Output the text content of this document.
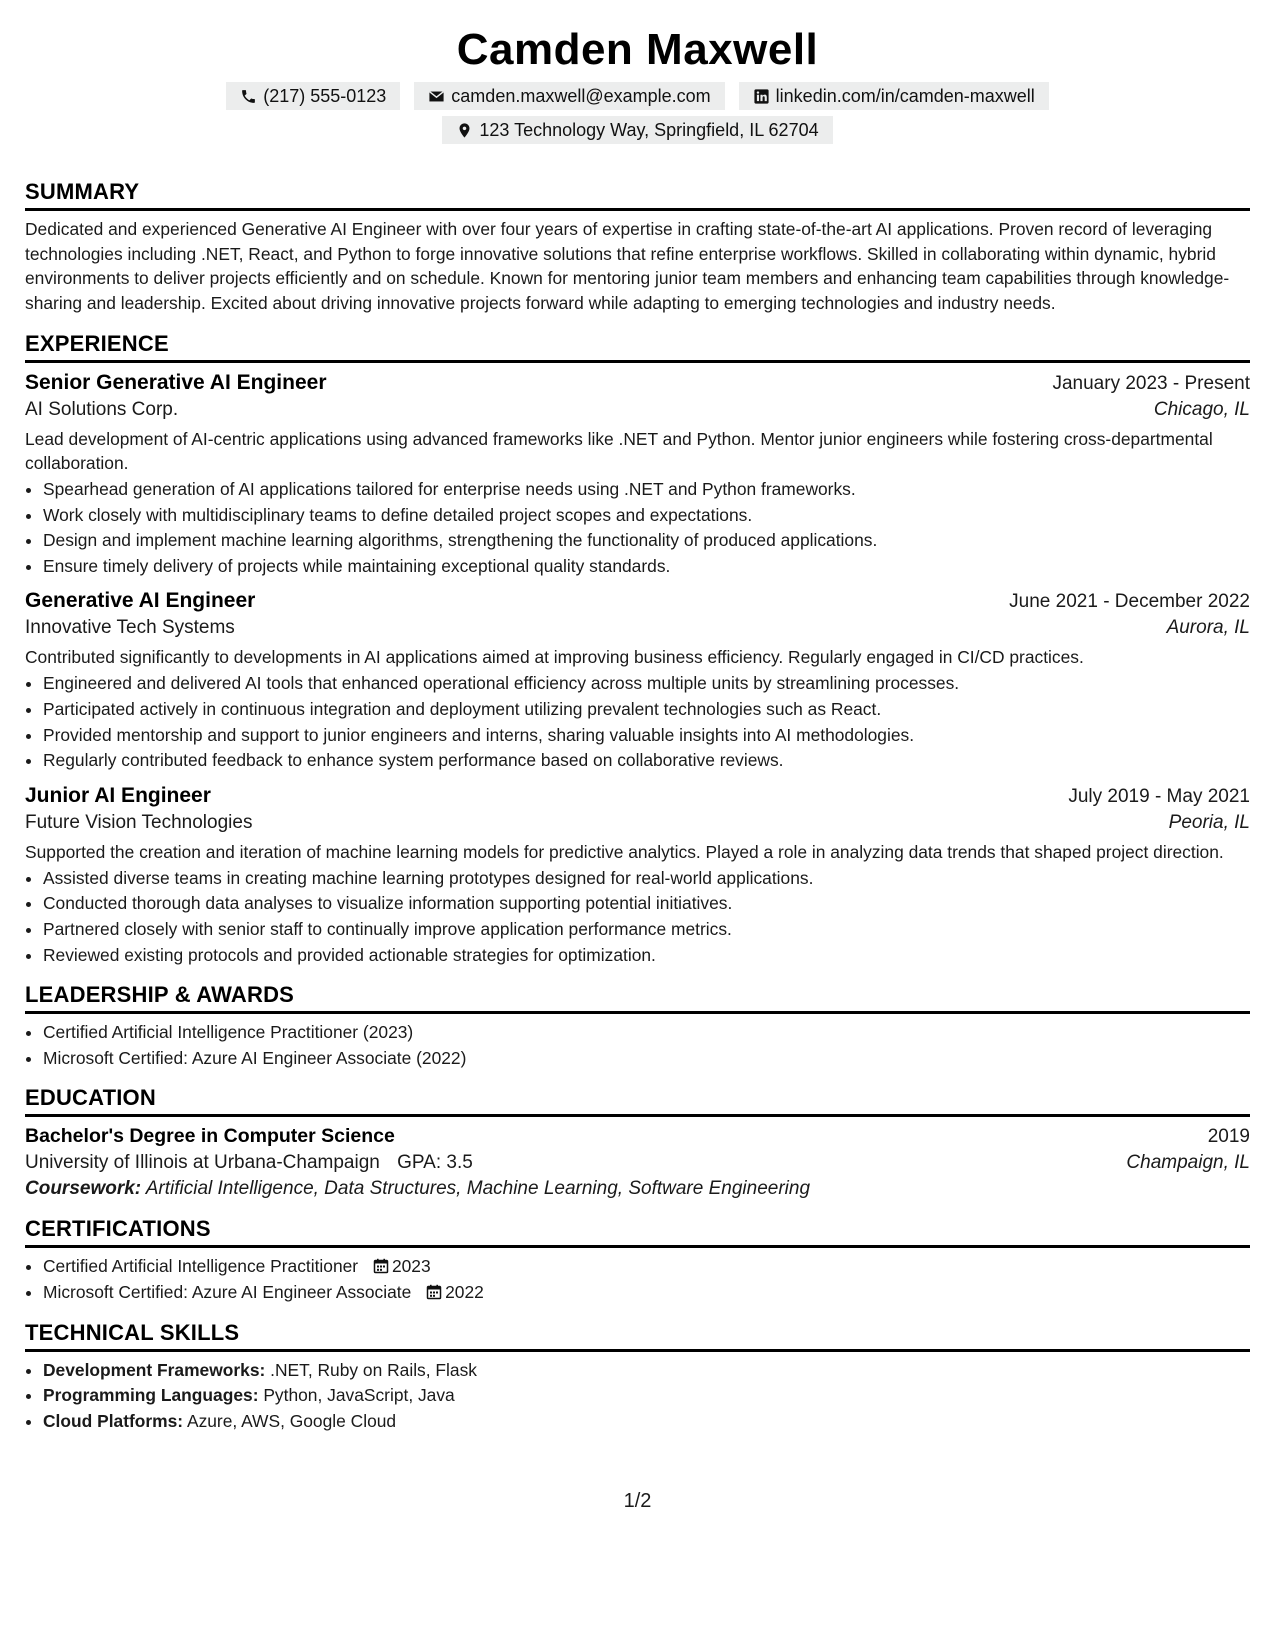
Camden Maxwell
(217) 555-0123	camden.maxwell@example.com	linkedin.com/in/camden-maxwell
123 Technology Way, Springfield, IL 62704
SUMMARY
Dedicated and experienced Generative AI Engineer with over four years of expertise in crafting state-of-the-art AI applications. Proven record of leveraging technologies including .NET, React, and Python to forge innovative solutions that refine enterprise workflows. Skilled in collaborating within dynamic, hybrid environments to deliver projects efficiently and on schedule. Known for mentoring junior team members and enhancing team capabilities through knowledge-sharing and leadership. Excited about driving innovative projects forward while adapting to emerging technologies and industry needs.
EXPERIENCE
Senior Generative AI Engineer	January 2023 - Present
AI Solutions Corp.	Chicago, IL
Lead development of AI-centric applications using advanced frameworks like .NET and Python. Mentor junior engineers while fostering cross-departmental collaboration.
• Spearhead generation of AI applications tailored for enterprise needs using .NET and Python frameworks.
• Work closely with multidisciplinary teams to define detailed project scopes and expectations.
• Design and implement machine learning algorithms, strengthening the functionality of produced applications.
• Ensure timely delivery of projects while maintaining exceptional quality standards.
Generative AI Engineer	June 2021 - December 2022
Innovative Tech Systems	Aurora, IL
Contributed significantly to developments in AI applications aimed at improving business efficiency. Regularly engaged in CI/CD practices.
• Engineered and delivered AI tools that enhanced operational efficiency across multiple units by streamlining processes.
• Participated actively in continuous integration and deployment utilizing prevalent technologies such as React.
• Provided mentorship and support to junior engineers and interns, sharing valuable insights into AI methodologies.
• Regularly contributed feedback to enhance system performance based on collaborative reviews.
Junior AI Engineer	July 2019 - May 2021
Future Vision Technologies	Peoria, IL
Supported the creation and iteration of machine learning models for predictive analytics. Played a role in analyzing data trends that shaped project direction.
• Assisted diverse teams in creating machine learning prototypes designed for real-world applications.
• Conducted thorough data analyses to visualize information supporting potential initiatives.
• Partnered closely with senior staff to continually improve application performance metrics.
• Reviewed existing protocols and provided actionable strategies for optimization.
LEADERSHIP & AWARDS
• Certified Artificial Intelligence Practitioner (2023)
• Microsoft Certified: Azure AI Engineer Associate (2022)
EDUCATION
Bachelor's Degree in Computer Science	2019
University of Illinois at Urbana-Champaign GPA: 3.5	Champaign, IL
Coursework: Artificial Intelligence, Data Structures, Machine Learning, Software Engineering
CERTIFICATIONS
• Certified Artificial Intelligence Practitioner 2023
• Microsoft Certified: Azure AI Engineer Associate 2022
TECHNICAL SKILLS
• Development Frameworks: .NET, Ruby on Rails, Flask
• Programming Languages: Python, JavaScript, Java
• Cloud Platforms: Azure, AWS, Google Cloud
1/2
